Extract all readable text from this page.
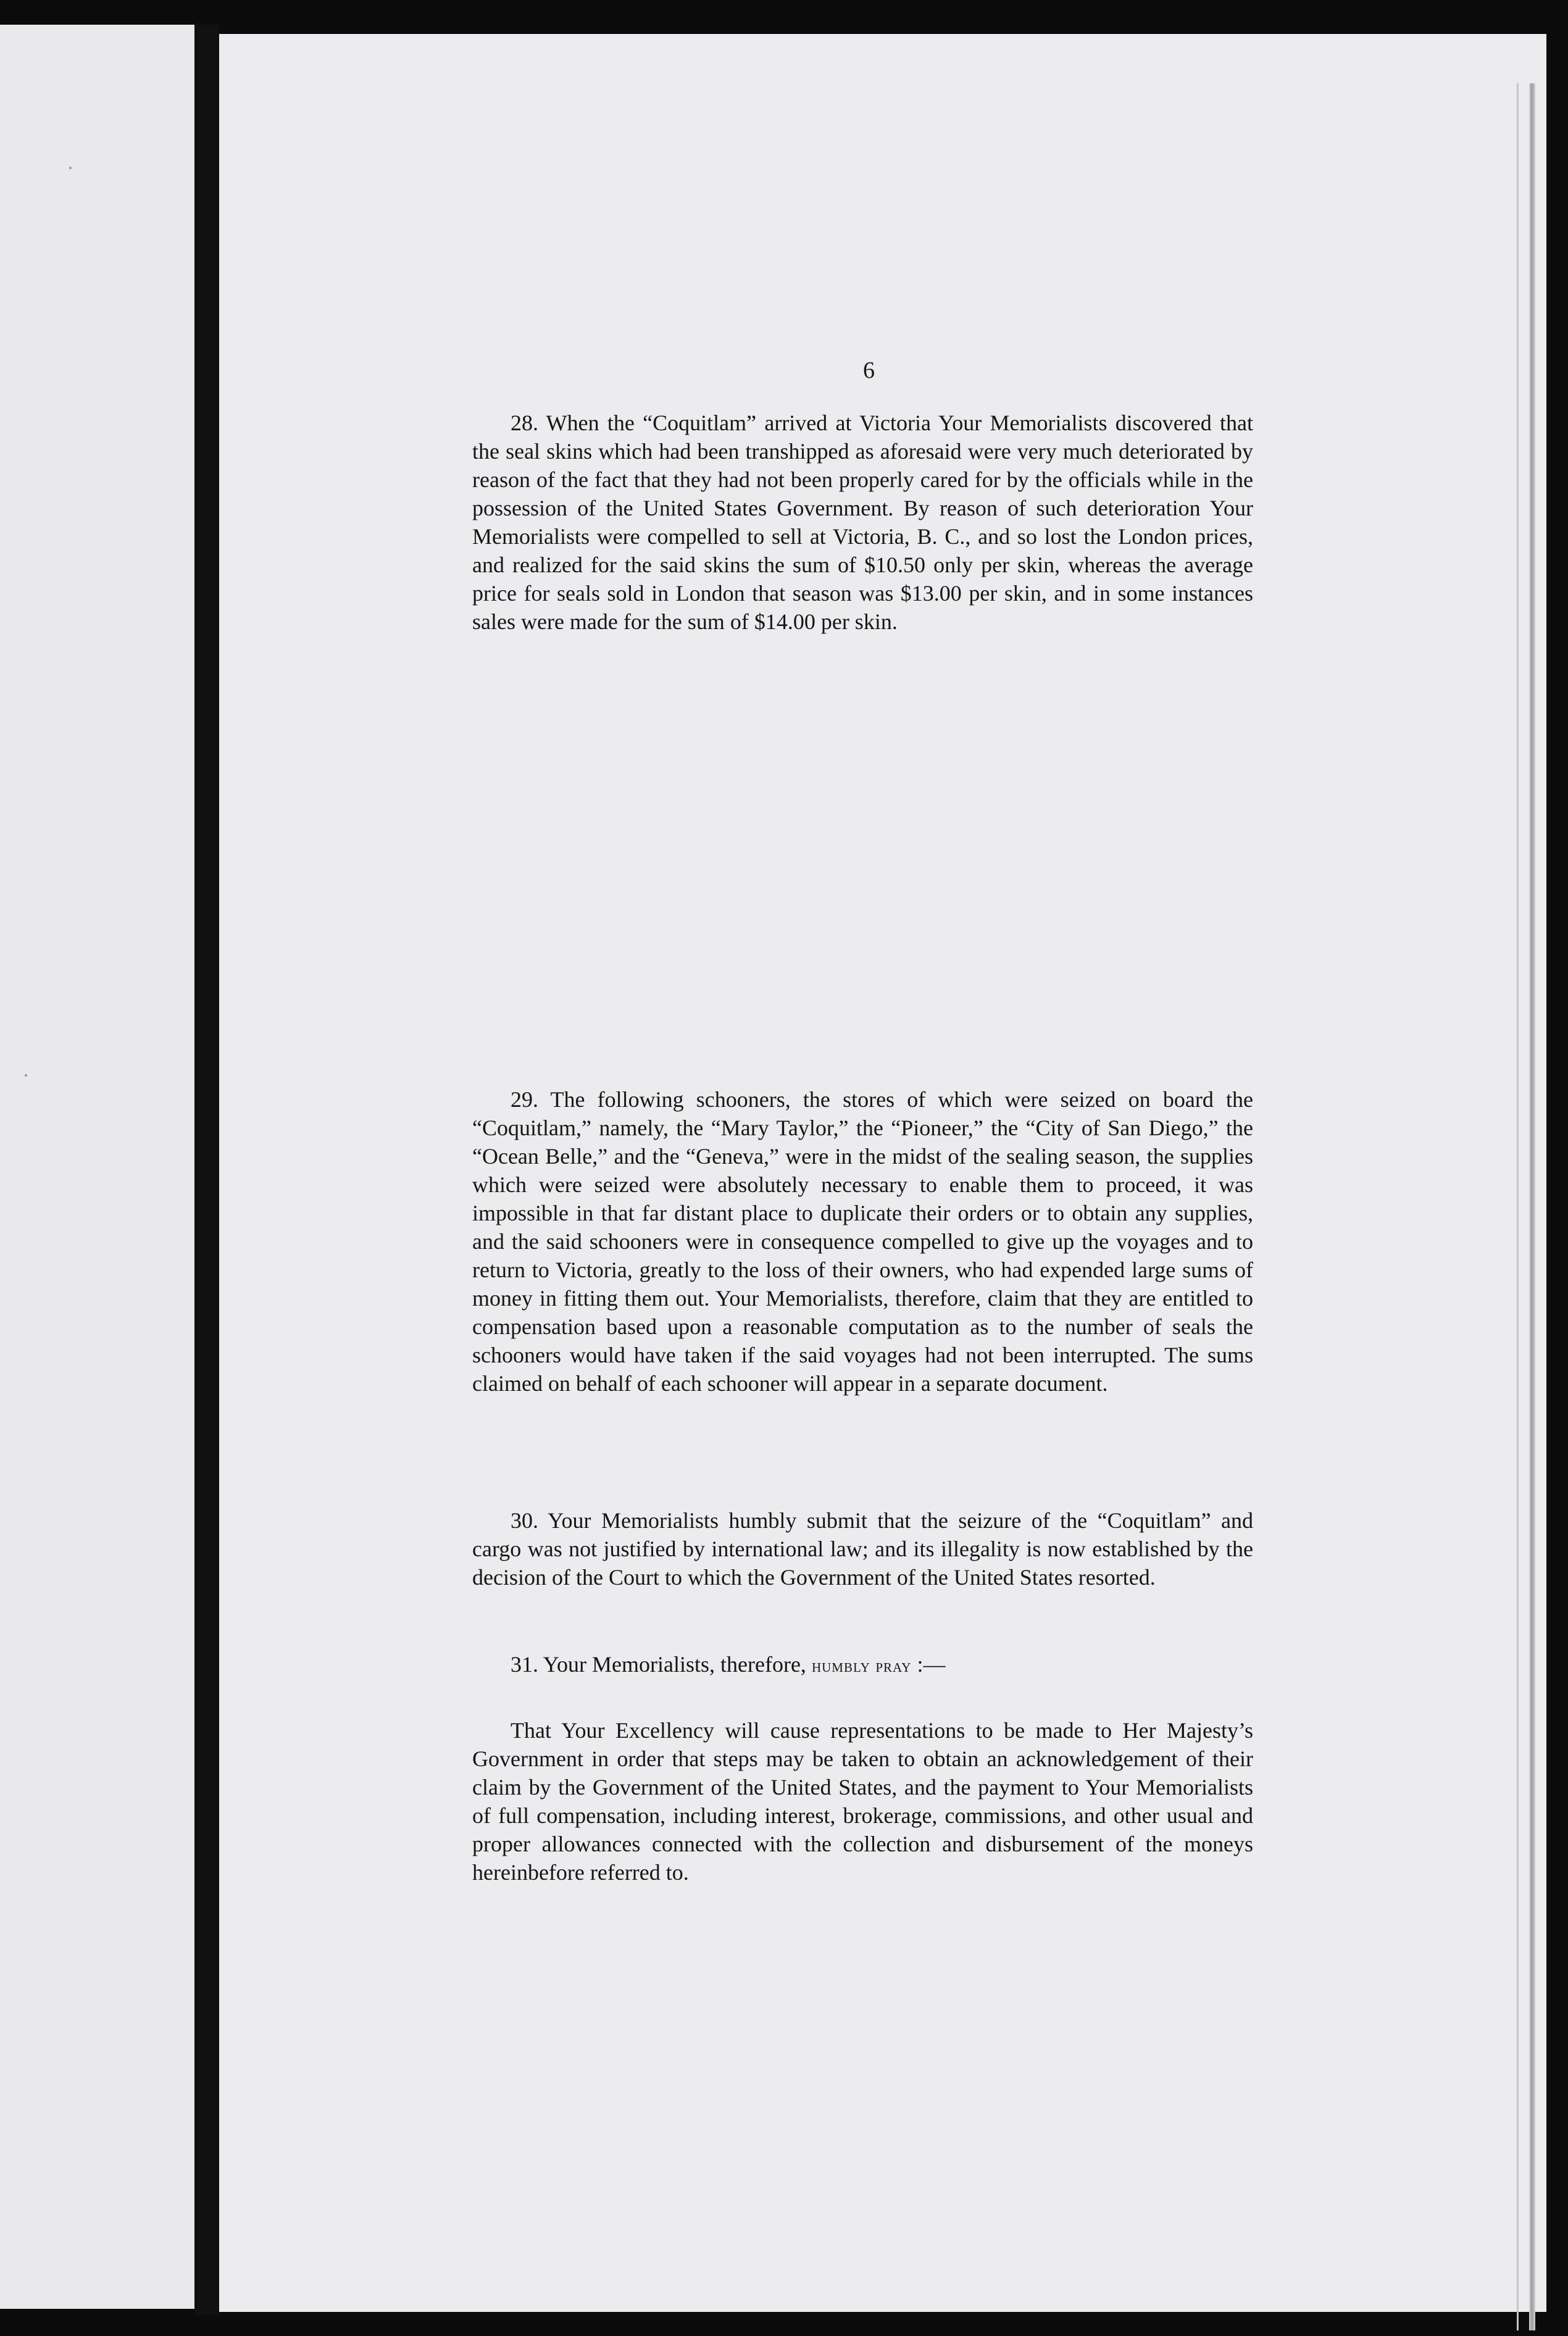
6

28. When the “Coquitlam” arrived at Victoria Your Memorialists discovered that the seal skins which had been transhipped as aforesaid were very much deteriorated by reason of the fact that they had not been properly cared for by the officials while in the possession of the United States Government. By reason of such deterioration Your Memorialists were compelled to sell at Victoria, B. C., and so lost the London prices, and realized for the said skins the sum of $10.50 only per skin, whereas the average price for seals sold in London that season was $13.00 per skin, and in some instances sales were made for the sum of $14.00 per skin.

29. The following schooners, the stores of which were seized on board the “Coquitlam,” namely, the “Mary Taylor,” the “Pioneer,” the “City of San Diego,” the “Ocean Belle,” and the “Geneva,” were in the midst of the sealing season, the supplies which were seized were absolutely necessary to enable them to proceed, it was impossible in that far distant place to duplicate their orders or to obtain any supplies, and the said schooners were in consequence compelled to give up the voyages and to return to Victoria, greatly to the loss of their owners, who had expended large sums of money in fitting them out. Your Memorialists, therefore, claim that they are entitled to compensation based upon a reasonable computation as to the number of seals the schooners would have taken if the said voyages had not been interrupted. The sums claimed on behalf of each schooner will appear in a separate document.

30. Your Memorialists humbly submit that the seizure of the “Coquitlam” and cargo was not justified by international law; and its illegality is now established by the decision of the Court to which the Government of the United States resorted.

31. Your Memorialists, therefore, humbly pray :—

That Your Excellency will cause representations to be made to Her Majesty’s Government in order that steps may be taken to obtain an acknowledgement of their claim by the Government of the United States, and the payment to Your Memorialists of full compensation, including interest, brokerage, commissions, and other usual and proper allowances connected with the collection and disbursement of the moneys hereinbefore referred to.
